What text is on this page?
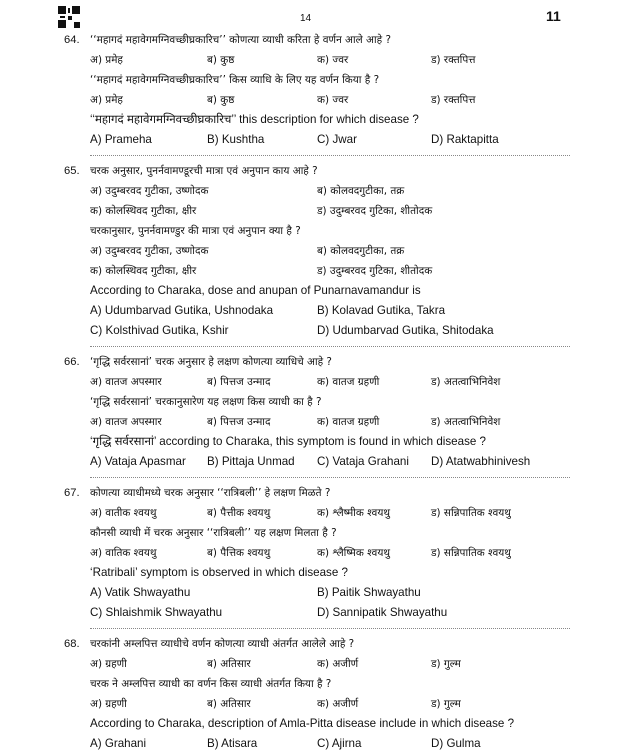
14	11
64. ‘‘महागदं महावेगमग्निवच्छीघ्रकारिच’’ कोणत्या व्याधी करिता हे वर्णन आले आहे ?
अ) प्रमेह	ब) कुष्ठ	क) ज्वर	ड) रक्तपित्त
‘‘महागदं महावेगमग्निवच्छीघ्रकारिच’’ किस व्याधि के लिए यह वर्णन किया है ?
अ) प्रमेह	ब) कुष्ठ	क) ज्वर	ड) रक्तपित्त
‘‘महागदं महावेगमग्निवच्छीघ्रकारिच’’ this description for which disease ?
A) Prameha	B) Kushtha	C) Jwar	D) Raktapitta
65. चरक अनुसार, पुनर्नवामण्डूरची मात्रा एवं अनुपान काय आहे ?
अ) उदुम्बरवद गुटीका, उष्णोदक	ब) कोलवदगुटीका, तक्र
क) कोलस्थिवद गुटीका, क्षीर	ड) उदुम्बरवद गुटिका, शीतोदक
चरकानुसार, पुनर्नवामण्डुर की मात्रा एवं अनुपान क्या है ?
अ) उदुम्बरवद गुटीका, उष्णोदक	ब) कोलवदगुटीका, तक्र
क) कोलस्थिवद गुटीका, क्षीर	ड) उदुम्बरवद गुटिका, शीतोदक
According to Charaka, dose and anupan of Punarnavamandur is
A) Udumbarvad Gutika, Ushnodaka	B) Kolavad Gutika, Takra
C) Kolsthivad Gutika, Kshir	D) Udumbarvad Gutika, Shitodaka
66. ‘गृद्धि सर्वरसानां’ चरक अनुसार हे लक्षण कोणत्या व्याधिचे आहे ?
अ) वातज अपस्मार	ब) पित्तज उन्माद	क) वातज ग्रहणी	ड) अतत्वाभिनिवेश
‘गृद्धि सर्वरसानां’ चरकानुसारेण यह लक्षण किस व्याधी का है ?
अ) वातज अपस्मार	ब) पित्तज उन्माद	क) वातज ग्रहणी	ड) अतत्वाभिनिवेश
‘गृद्धि सर्वरसानां’ according to Charaka, this symptom is found in which disease ?
A) Vataja Apasmar B) Pittaja Unmad C) Vataja Grahani D) Atatwabhinivesh
67. कोणत्या व्याधीमध्ये चरक अनुसार ‘‘रात्रिबली’’ हे लक्षण मिळते ?
अ) वातीक श्वयथु	ब) पैत्तीक श्वयथु	क) श्लैष्मीक श्वयथु	ड) सन्निपातिक श्वयथु
कौनसी व्याधी में चरक अनुसार ‘‘रात्रिबली’’ यह लक्षण मिलता है ?
अ) वातिक श्वयथु	ब) पैत्तिक श्वयथु	क) श्लैष्मिक श्वयथु	ड) सन्निपातिक श्वयथु
‘Ratribali’ symptom is observed in which disease ?
A) Vatik Shwayathu	B) Paitik Shwayathu
C) Shlaishmik Shwayathu	D) Sannipatik Shwayathu
68. चरकांनी अम्लपित्त व्याधीचे वर्णन कोणत्या व्याधी अंतर्गत आलेले आहे ?
अ) ग्रहणी	ब) अतिसार	क) अजीर्ण	ड) गुल्म
चरक ने अम्लपित्त व्याधी का वर्णन किस व्याधी अंतर्गत किया है ?
अ) ग्रहणी	ब) अतिसार	क) अजीर्ण	ड) गुल्म
According to Charaka, description of Amla-Pitta disease include in which disease ?
A) Grahani	B) Atisara	C) Ajirna	D) Gulma
